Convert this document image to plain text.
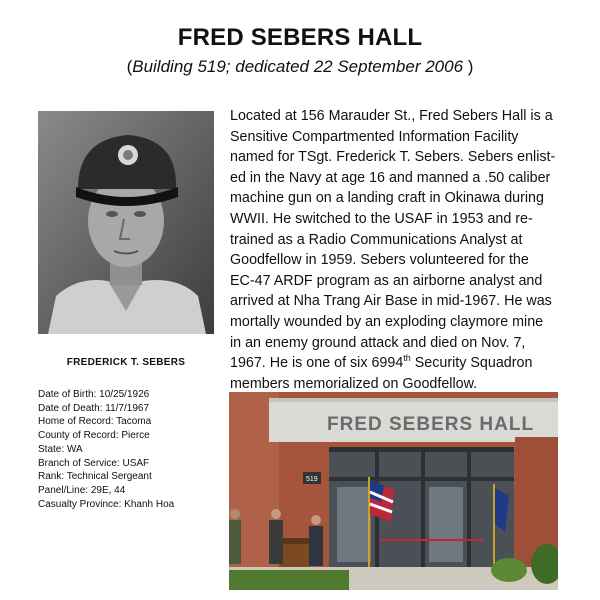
FRED SEBERS HALL
(Building 519; dedicated 22 September 2006 )
FREDERICK T. SEBERS
Date of Birth: 10/25/1926
Date of Death: 11/7/1967
Home of Record: Tacoma
County of Record: Pierce
State: WA
Branch of Service: USAF
Rank: Technical Sergeant
Panel/Line: 29E, 44
Casualty Province: Khanh Hoa
Located at 156 Marauder St., Fred Sebers Hall is a
Sensitive Compartmented Information Facility
named for TSgt. Frederick T. Sebers. Sebers enlist-
ed in the Navy at age 16 and manned a .50 caliber
machine gun on a landing craft in Okinawa during
WWII. He switched to the USAF in 1953 and re-
trained as a Radio Communications Analyst at
Goodfellow in 1959. Sebers volunteered for the
EC-47 ARDF program as an airborne analyst and
arrived at Nha Trang Air Base in mid-1967. He was
mortally wounded by an exploding claymore mine
in an enemy ground attack and died on Nov. 7,
1967. He is one of six 6994th Security Squadron
members memorialized on Goodfellow.
FRED SEBERS HALL
519
